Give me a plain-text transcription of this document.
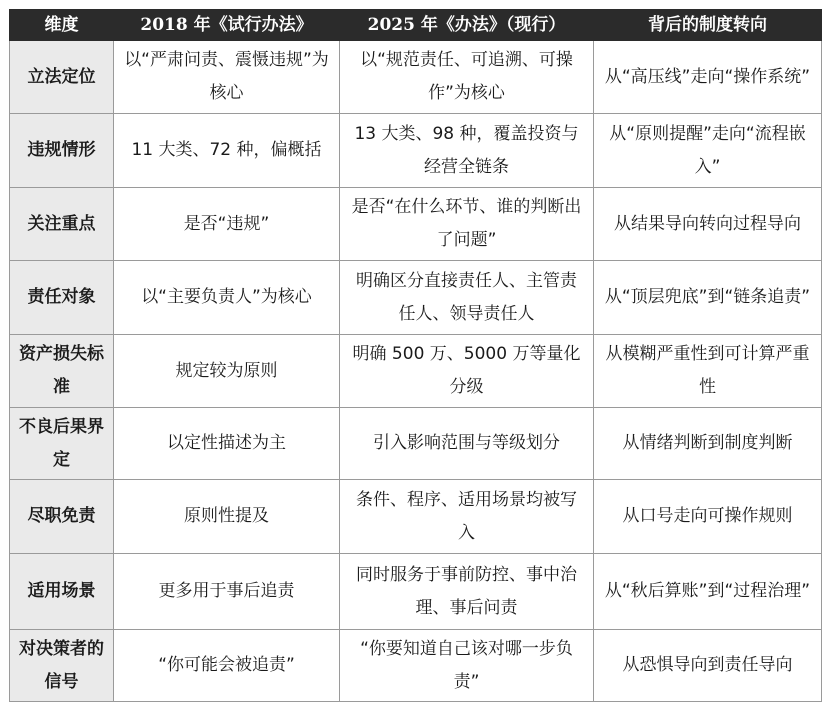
维度	2018 年《试行办法》	2025 年《办法》（现行）	背后的制度转向
立法定位	以“严肃问责、震慑违规”为核心	以“规范责任、可追溯、可操作”为核心	从“高压线”走向“操作系统”
违规情形	11 大类、72 种，偏概括	13 大类、98 种，覆盖投资与经营全链条	从“原则提醒”走向“流程嵌入”
关注重点	是否“违规”	是否“在什么环节、谁的判断出了问题”	从结果导向转向过程导向
责任对象	以“主要负责人”为核心	明确区分直接责任人、主管责任人、领导责任人	从“顶层兜底”到“链条追责”
资产损失标准	规定较为原则	明确 500 万、5000 万等量化分级	从模糊严重性到可计算严重性
不良后果界定	以定性描述为主	引入影响范围与等级划分	从情绪判断到制度判断
尽职免责	原则性提及	条件、程序、适用场景均被写入	从口号走向可操作规则
适用场景	更多用于事后追责	同时服务于事前防控、事中治理、事后问责	从“秋后算账”到“过程治理”
对决策者的信号	“你可能会被追责”	“你要知道自己该对哪一步负责”	从恐惧导向到责任导向
